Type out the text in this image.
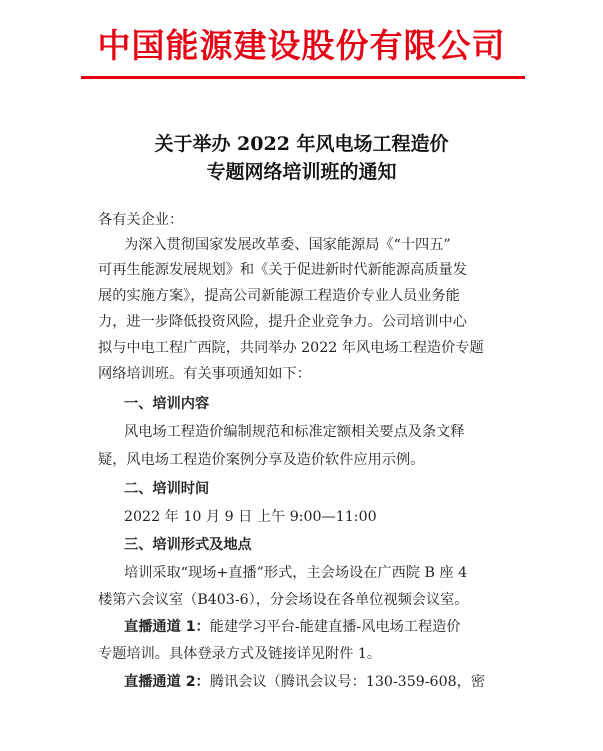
中国能源建设股份有限公司
关于举办 2022 年风电场工程造价
专题网络培训班的通知
各有关企业：
为深入贯彻国家发展改革委、国家能源局《“十四五”
可再生能源发展规划》和《关于促进新时代新能源高质量发
展的实施方案》，提高公司新能源工程造价专业人员业务能
力，进一步降低投资风险，提升企业竞争力。公司培训中心
拟与中电工程广西院，共同举办 2022 年风电场工程造价专题
网络培训班。有关事项通知如下：
一、培训内容
风电场工程造价编制规范和标准定额相关要点及条文释
疑，风电场工程造价案例分享及造价软件应用示例。
二、培训时间
2022 年 10 月 9 日 上午 9:00—11:00
三、培训形式及地点
培训采取“现场+直播”形式，主会场设在广西院 B 座 4
楼第六会议室（B403-6），分会场设在各单位视频会议室。
直播通道 1：能建学习平台-能建直播-风电场工程造价
专题培训。具体登录方式及链接详见附件 1。
直播通道 2：腾讯会议（腾讯会议号：130-359-608，密
